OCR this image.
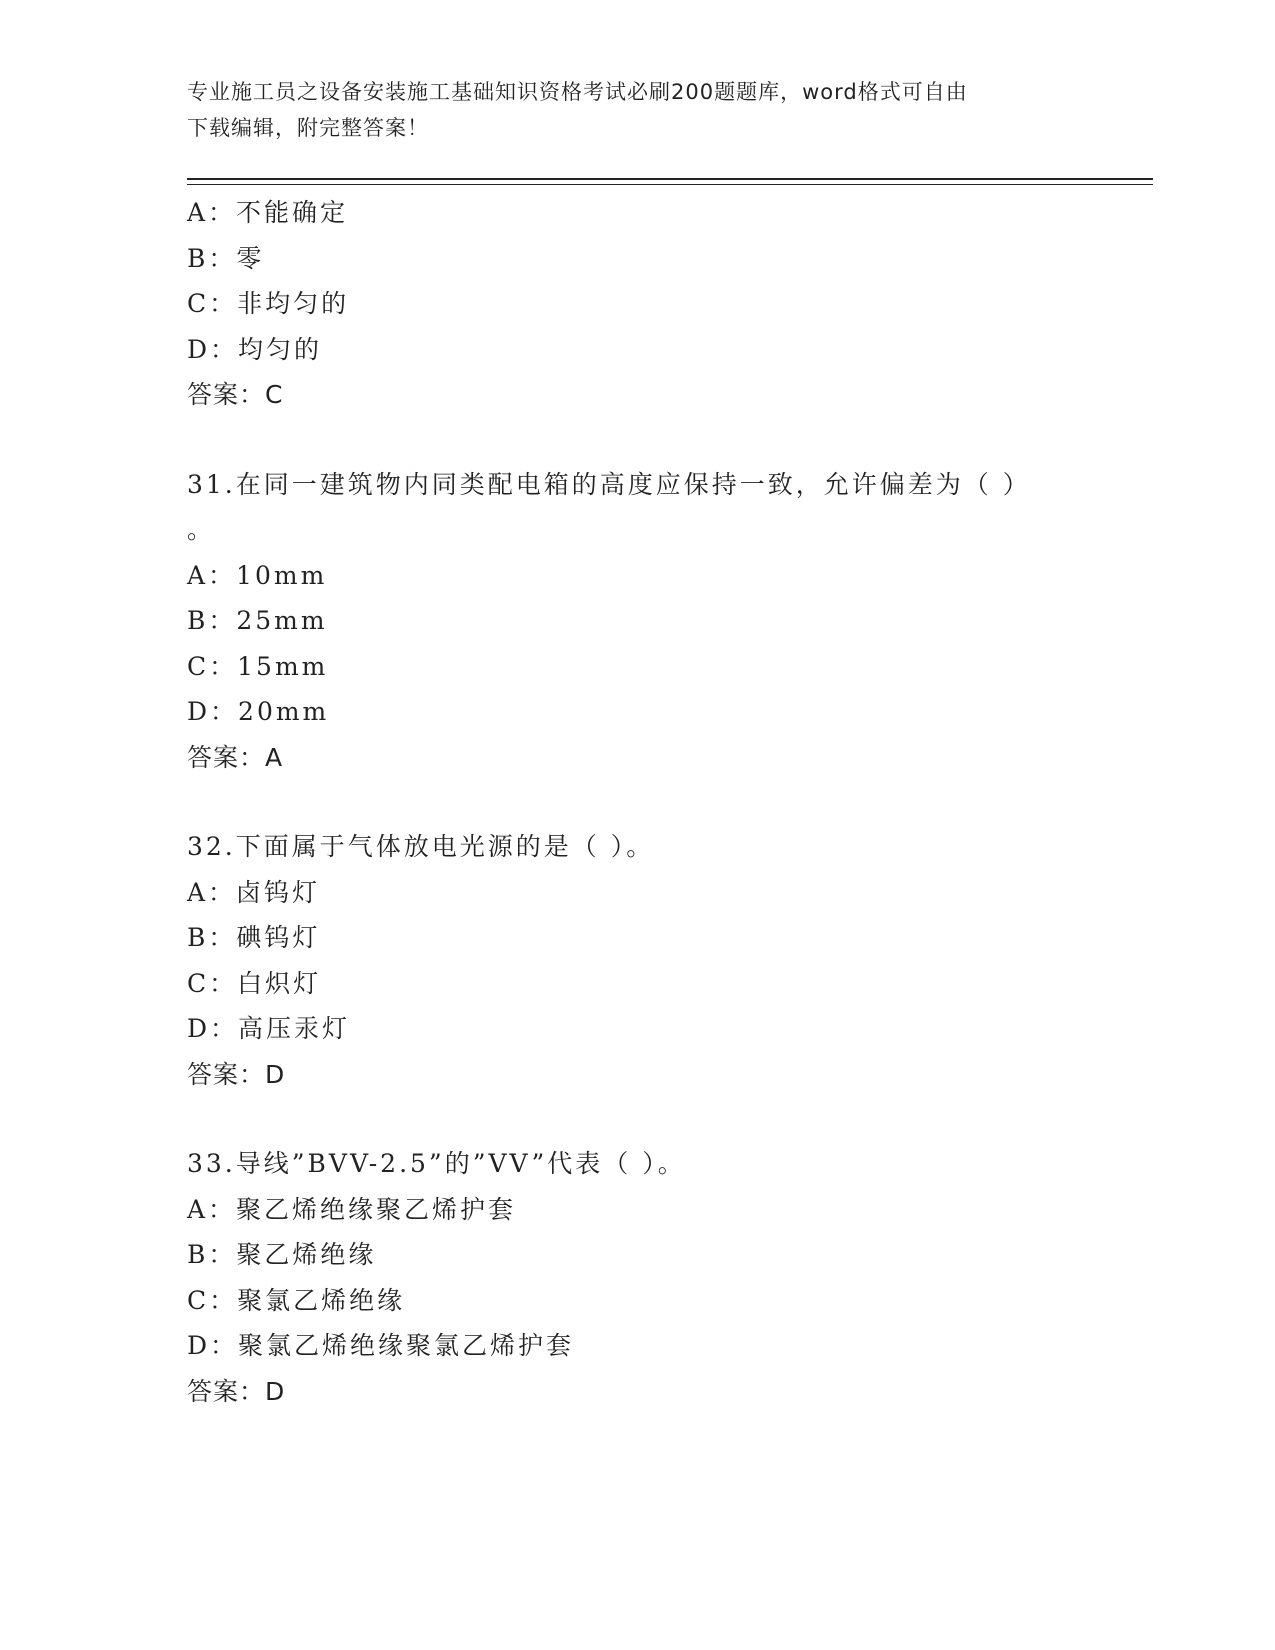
专业施工员之设备安装施工基础知识资格考试必刷200题题库，word格式可自由
下载编辑，附完整答案！
A：不能确定
B：零
C：非均匀的
D：均匀的
答案：C
31.在同一建筑物内同类配电箱的高度应保持一致，允许偏差为（ ）
。
A：10mm
B：25mm
C：15mm
D：20mm
答案：A
32.下面属于气体放电光源的是（ ）。
A：卤钨灯
B：碘钨灯
C：白炽灯
D：高压汞灯
答案：D
33.导线”BVV-2.5”的”VV”代表（ ）。
A：聚乙烯绝缘聚乙烯护套
B：聚乙烯绝缘
C：聚氯乙烯绝缘
D：聚氯乙烯绝缘聚氯乙烯护套
答案：D
